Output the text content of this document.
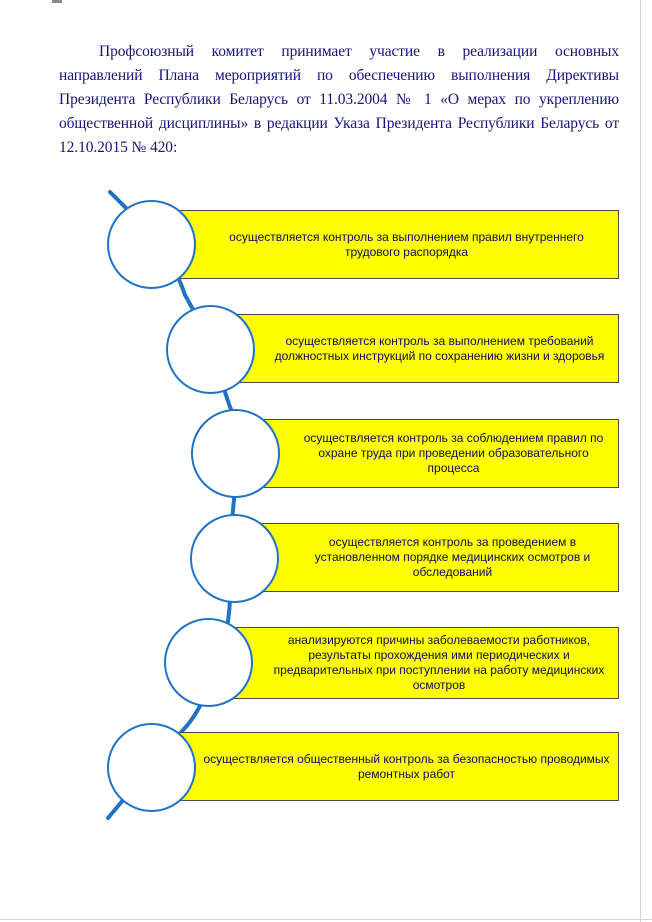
Профсоюзный комитет принимает участие в реализации основных направлений Плана мероприятий по обеспечению выполнения Директивы Президента Республики Беларусь от 11.03.2004 № 1 «О мерах по укреплению общественной дисциплины» в редакции Указа Президента Республики Беларусь от 12.10.2015 № 420:

осуществляется контроль за выполнением правил внутреннего трудового распорядка
осуществляется контроль за выполнением требований должностных инструкций по сохранению жизни и здоровья
осуществляется контроль за соблюдением правил по охране труда при проведении образовательного процесса
осуществляется контроль за проведением в установленном порядке медицинских осмотров и обследований
анализируются причины заболеваемости работников, результаты прохождения ими периодических и предварительных при поступлении на работу медицинских осмотров
осуществляется общественный контроль за безопасностью проводимых ремонтных работ
